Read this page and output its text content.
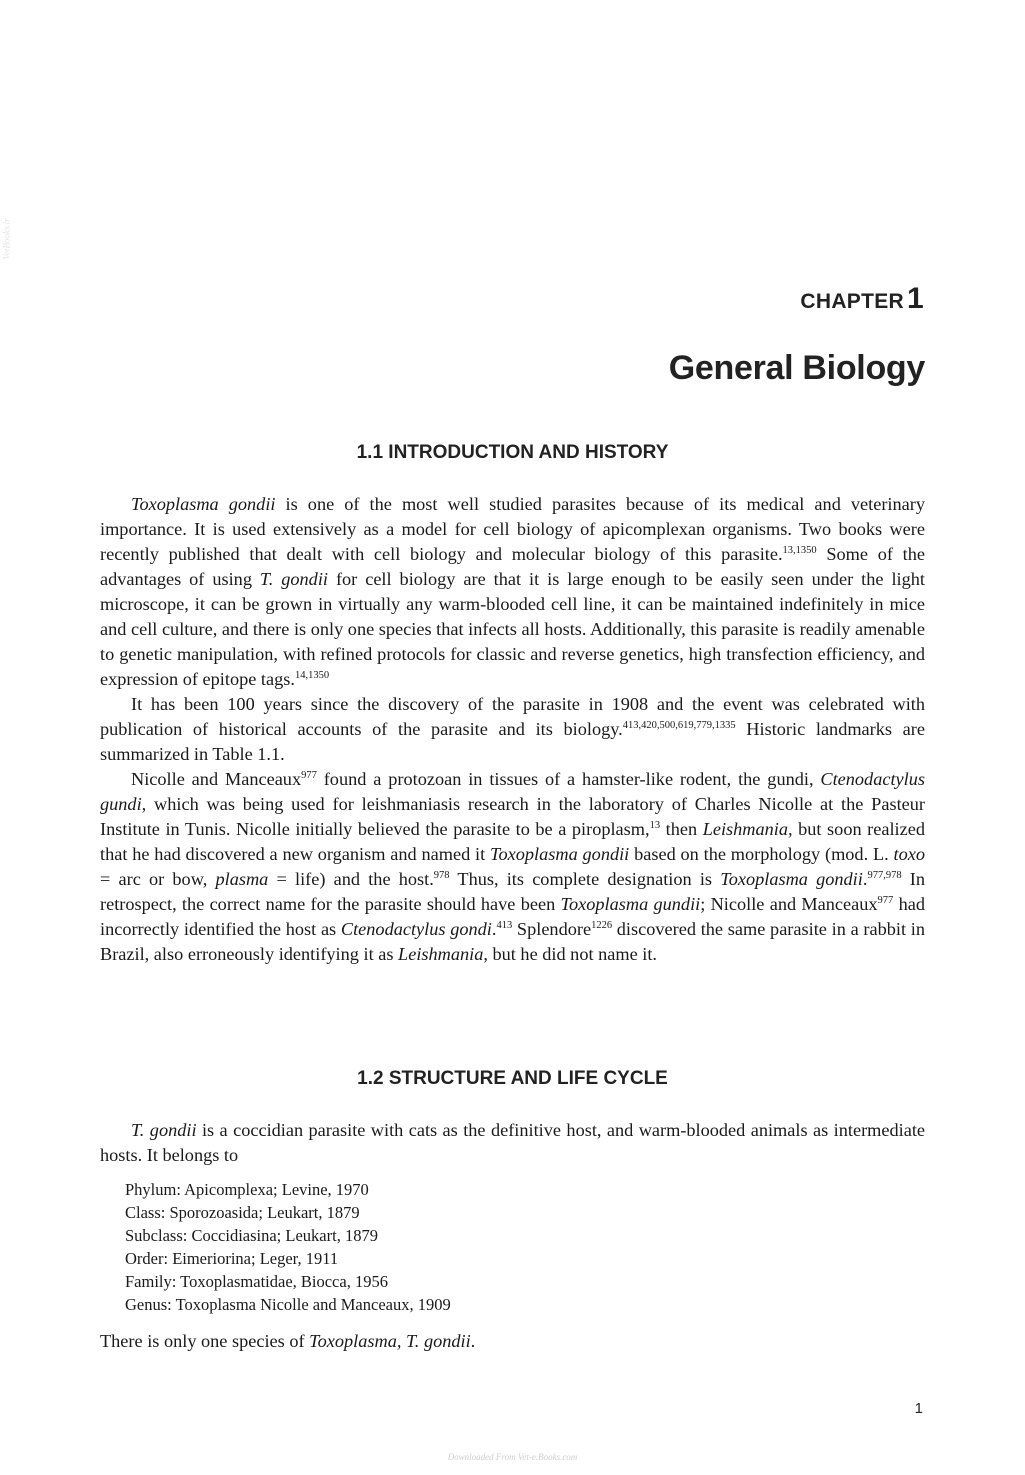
VetBooks.ir
CHAPTER 1
General Biology
1.1 INTRODUCTION AND HISTORY

Toxoplasma gondii is one of the most well studied parasites because of its medical and veterinary importance. It is used extensively as a model for cell biology of apicomplexan organisms. Two books were recently published that dealt with cell biology and molecular biology of this parasite.$^{13,1350}$ Some of the advantages of using T. gondii for cell biology are that it is large enough to be easily seen under the light microscope, it can be grown in virtually any warm-blooded cell line, it can be maintained indefinitely in mice and cell culture, and there is only one species that infects all hosts. Additionally, this parasite is readily amenable to genetic manipulation, with refined protocols for classic and reverse genetics, high transfection efficiency, and expression of epitope tags.$^{14,1350}$

It has been 100 years since the discovery of the parasite in 1908 and the event was celebrated with publication of historical accounts of the parasite and its biology.$^{413,420,500,619,779,1335}$ Historic landmarks are summarized in Table 1.1.

Nicolle and Manceaux$^{977}$ found a protozoan in tissues of a hamster-like rodent, the gundi, Ctenodactylus gundi, which was being used for leishmaniasis research in the laboratory of Charles Nicolle at the Pasteur Institute in Tunis. Nicolle initially believed the parasite to be a piroplasm,$^{13}$ then Leishmania, but soon realized that he had discovered a new organism and named it Toxoplasma gondii based on the morphology (mod. L. toxo = arc or bow, plasma = life) and the host.$^{978}$ Thus, its complete designation is Toxoplasma gondii.$^{977,978}$ In retrospect, the correct name for the parasite should have been Toxoplasma gundii; Nicolle and Manceaux$^{977}$ had incorrectly identified the host as Ctenodactylus gondi.$^{413}$ Splendore$^{1226}$ discovered the same parasite in a rabbit in Brazil, also erroneously identifying it as Leishmania, but he did not name it.

1.2 STRUCTURE AND LIFE CYCLE

T. gondii is a coccidian parasite with cats as the definitive host, and warm-blooded animals as intermediate hosts. It belongs to

Phylum: Apicomplexa; Levine, 1970
Class: Sporozoasida; Leukart, 1879
Subclass: Coccidiasina; Leukart, 1879
Order: Eimeriorina; Leger, 1911
Family: Toxoplasmatidae, Biocca, 1956
Genus: Toxoplasma Nicolle and Manceaux, 1909
There is only one species of Toxoplasma, T. gondii.
1
Downloaded From Vet-e.Books.com
